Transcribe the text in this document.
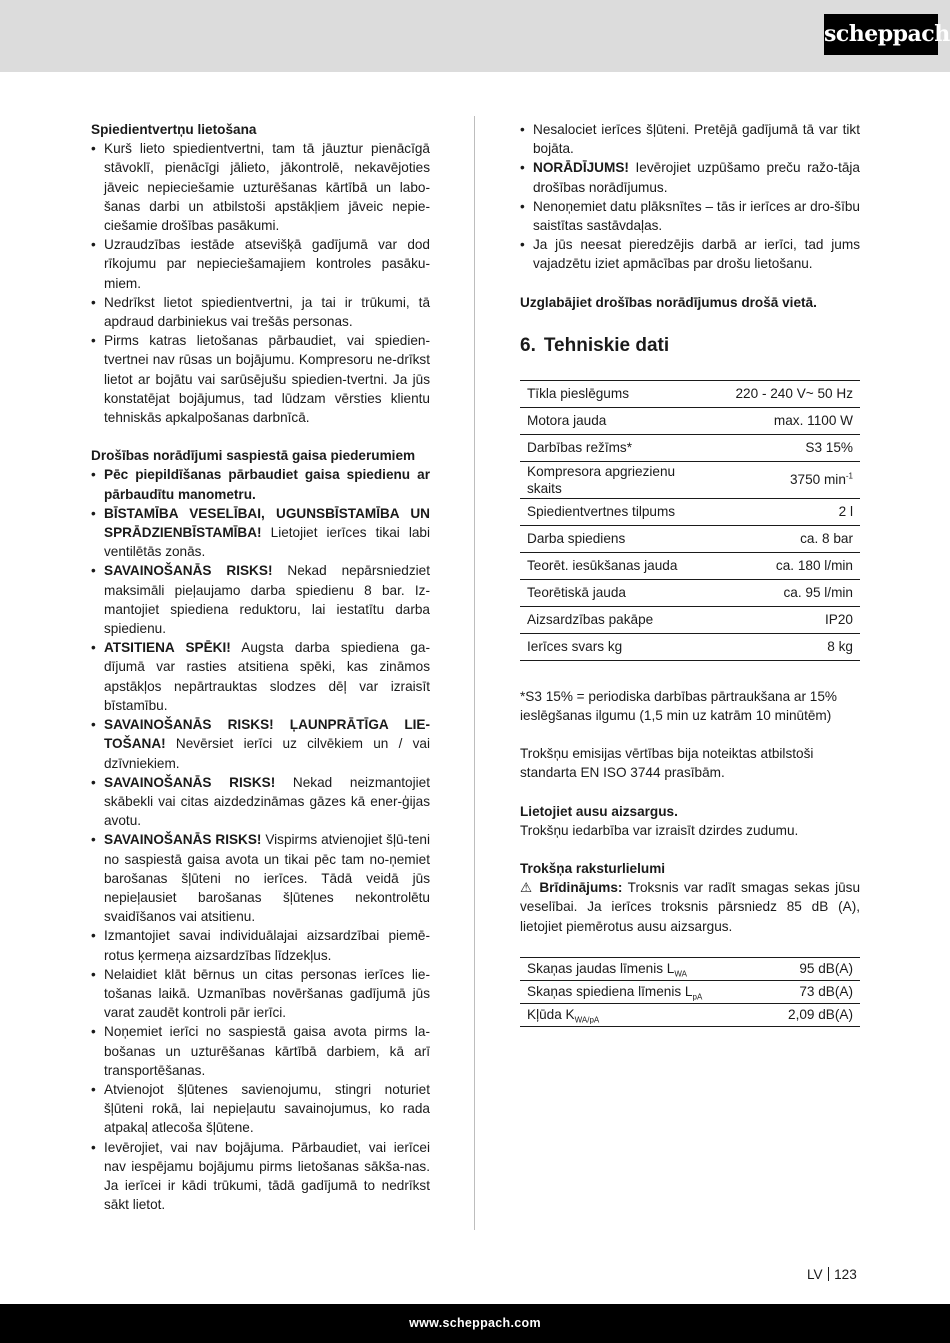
scheppach
Spiedientvertņu lietošana
• Kurš lieto spiedientvertni, tam tā jāuztur pienācīgā stāvoklī, pienācīgi jālieto, jākontrolē, nekavējoties jāveic nepieciešamie uzturēšanas kārtībā un labo-šanas darbi un atbilstoši apstākļiem jāveic nepie-ciešamie drošības pasākumi.
• Uzraudzības iestāde atsevišķā gadījumā var dod rīkojumu par nepieciešamajiem kontroles pasāku-miem.
• Nedrīkst lietot spiedientvertni, ja tai ir trūkumi, tā apdraud darbiniekus vai trešās personas.
• Pirms katras lietošanas pārbaudiet, vai spiedien-tvertnei nav rūsas un bojājumu. Kompresoru ne-drīkst lietot ar bojātu vai sarūsējušu spiedien-tvertni. Ja jūs konstatējat bojājumus, tad lūdzam vērsties klientu tehniskās apkalpošanas darbnīcā.
Drošības norādījumi saspiestā gaisa piederumiem
• Pēc piepildīšanas pārbaudiet gaisa spiedienu ar pārbaudītu manometru.
• BĪSTAMĪBA VESELĪBAI, UGUNSBĪSTAMĪBA UN SPRĀDZIENBĪSTAMĪBA! Lietojiet ierīces tikai labi ventilētās zonās.
• SAVAINOŠANĀS RISKS! Nekad nepārsniedziet maksimāli pieļaujamo darba spiedienu 8 bar. Iz-mantojiet spiediena reduktoru, lai iestatītu darba spiedienu.
• ATSITIENA SPĒKI! Augsta darba spiediena ga-dījumā var rasties atsitiena spēki, kas zināmos apstākļos nepārtrauktas slodzes dēļ var izraisīt bīstamību.
• SAVAINOŠANĀS RISKS! ĻAUNPRĀTĪGA LIE-TOŠANA! Nevērsiet ierīci uz cilvēkiem un / vai dzīvniekiem.
• SAVAINOŠANĀS RISKS! Nekad neizmantojiet skābekli vai citas aizdedzināmas gāzes kā ener-ģijas avotu.
• SAVAINOŠANĀS RISKS! Vispirms atvienojiet šļū-teni no saspiestā gaisa avota un tikai pēc tam no-ņemiet barošanas šļūteni no ierīces. Tādā veidā jūs nepieļausiet barošanas šļūtenes nekontrolētu svaidīšanos vai atsitienu.
• Izmantojiet savai individuālajai aizsardzībai piemē-rotus ķermeņa aizsardzības līdzekļus.
• Nelaidiet klāt bērnus un citas personas ierīces lie-tošanas laikā. Uzmanības novēršanas gadījumā jūs varat zaudēt kontroli pār ierīci.
• Noņemiet ierīci no saspiestā gaisa avota pirms la-bošanas un uzturēšanas kārtībā darbiem, kā arī transportēšanas.
• Atvienojot šļūtenes savienojumu, stingri noturiet šļūteni rokā, lai nepieļautu savainojumus, ko rada atpakaļ atlecoša šļūtene.
• Ievērojiet, vai nav bojājuma. Pārbaudiet, vai ierīcei nav iespējamu bojājumu pirms lietošanas sākša-nas. Ja ierīcei ir kādi trūkumi, tādā gadījumā to nedrīkst sākt lietot.
• Nesalociet ierīces šļūteni. Pretējā gadījumā tā var tikt bojāta.
• NORĀDĪJUMS! Ievērojiet uzpūšamo preču ražo-tāja drošības norādījumus.
• Nenoņemiet datu plāksnītes – tās ir ierīces ar dro-šību saistītas sastāvdaļas.
• Ja jūs neesat pieredzējis darbā ar ierīci, tad jums vajadzētu iziet apmācības par drošu lietošanu.
Uzglabājiet drošības norādījumus drošā vietā.
6. Tehniskie dati
Tīkla pieslēgums	220 - 240 V~ 50 Hz
Motora jauda	max. 1100 W
Darbības režīms*	S3 15%
Kompresora apgriezienu skaits	3750 $\min^{-1}$
Spiedientvertnes tilpums	2 l
Darba spiediens	ca. 8 bar
Teorēt. iesūkšanas jauda	ca. 180 l/min
Teorētiskā jauda	ca. 95 l/min
Aizsardzības pakāpe	IP20
Ierīces svars kg	8 kg
*S3 15% = periodiska darbības pārtraukšana ar 15% ieslēgšanas ilgumu (1,5 min uz katrām 10 minūtēm)
Trokšņu emisijas vērtības bija noteiktas atbilstoši standarta EN ISO 3744 prasībām.
Lietojiet ausu aizsargus.
Trokšņu iedarbība var izraisīt dzirdes zudumu.
Trokšņa raksturlielumi
⚠ Brīdinājums: Troksnis var radīt smagas sekas jūsu veselībai. Ja ierīces troksnis pārsniedz 85 dB (A), lietojiet piemērotus ausu aizsargus.
Skaņas jaudas līmenis $L_{WA}$	95 dB(A)
Skaņas spiediena līmenis $L_{pA}$	73 dB(A)
Kļūda $K_{WA/pA}$	2,09 dB(A)
LV 123
www.scheppach.com
